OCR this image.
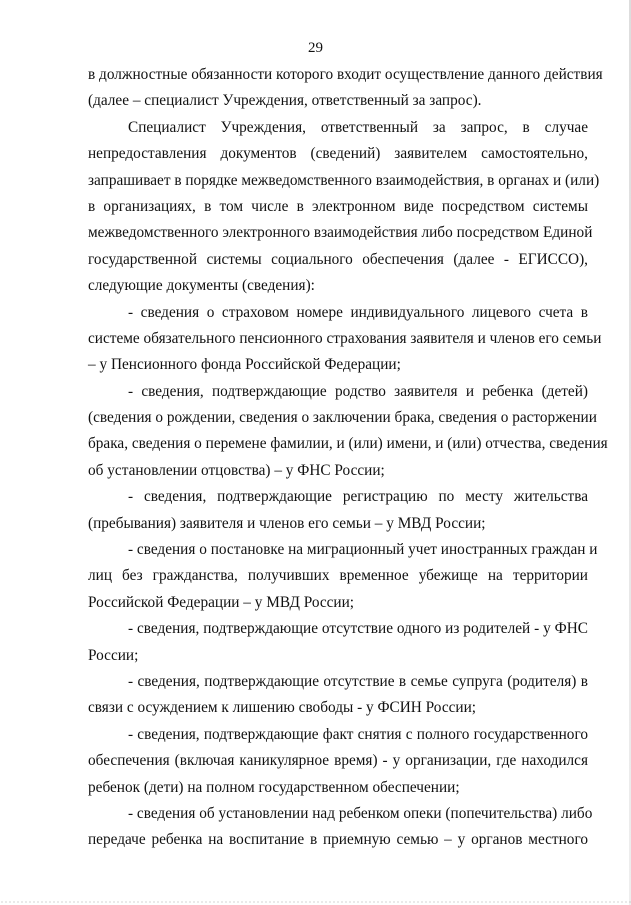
29
в должностные обязанности которого входит осуществление данного действия
(далее – специалист Учреждения, ответственный за запрос).
Специалист Учреждения, ответственный за запрос, в случае
непредоставления документов (сведений) заявителем самостоятельно,
запрашивает в порядке межведомственного взаимодействия, в органах и (или)
в организациях, в том числе в электронном виде посредством системы
межведомственного электронного взаимодействия либо посредством Единой
государственной системы социального обеспечения (далее - ЕГИССО),
следующие документы (сведения):
- сведения о страховом номере индивидуального лицевого счета в
системе обязательного пенсионного страхования заявителя и членов его семьи
– у Пенсионного фонда Российской Федерации;
- сведения, подтверждающие родство заявителя и ребенка (детей)
(сведения о рождении, сведения о заключении брака, сведения о расторжении
брака, сведения о перемене фамилии, и (или) имени, и (или) отчества, сведения
об установлении отцовства) – у ФНС России;
- сведения, подтверждающие регистрацию по месту жительства
(пребывания) заявителя и членов его семьи – у МВД России;
- сведения о постановке на миграционный учет иностранных граждан и
лиц без гражданства, получивших временное убежище на территории
Российской Федерации – у МВД России;
- сведения, подтверждающие отсутствие одного из родителей - у ФНС
России;
- сведения, подтверждающие отсутствие в семье супруга (родителя) в
связи с осуждением к лишению свободы - у ФСИН России;
- сведения, подтверждающие факт снятия с полного государственного
обеспечения (включая каникулярное время) - у организации, где находился
ребенок (дети) на полном государственном обеспечении;
- сведения об установлении над ребенком опеки (попечительства) либо
передаче ребенка на воспитание в приемную семью – у органов местного
